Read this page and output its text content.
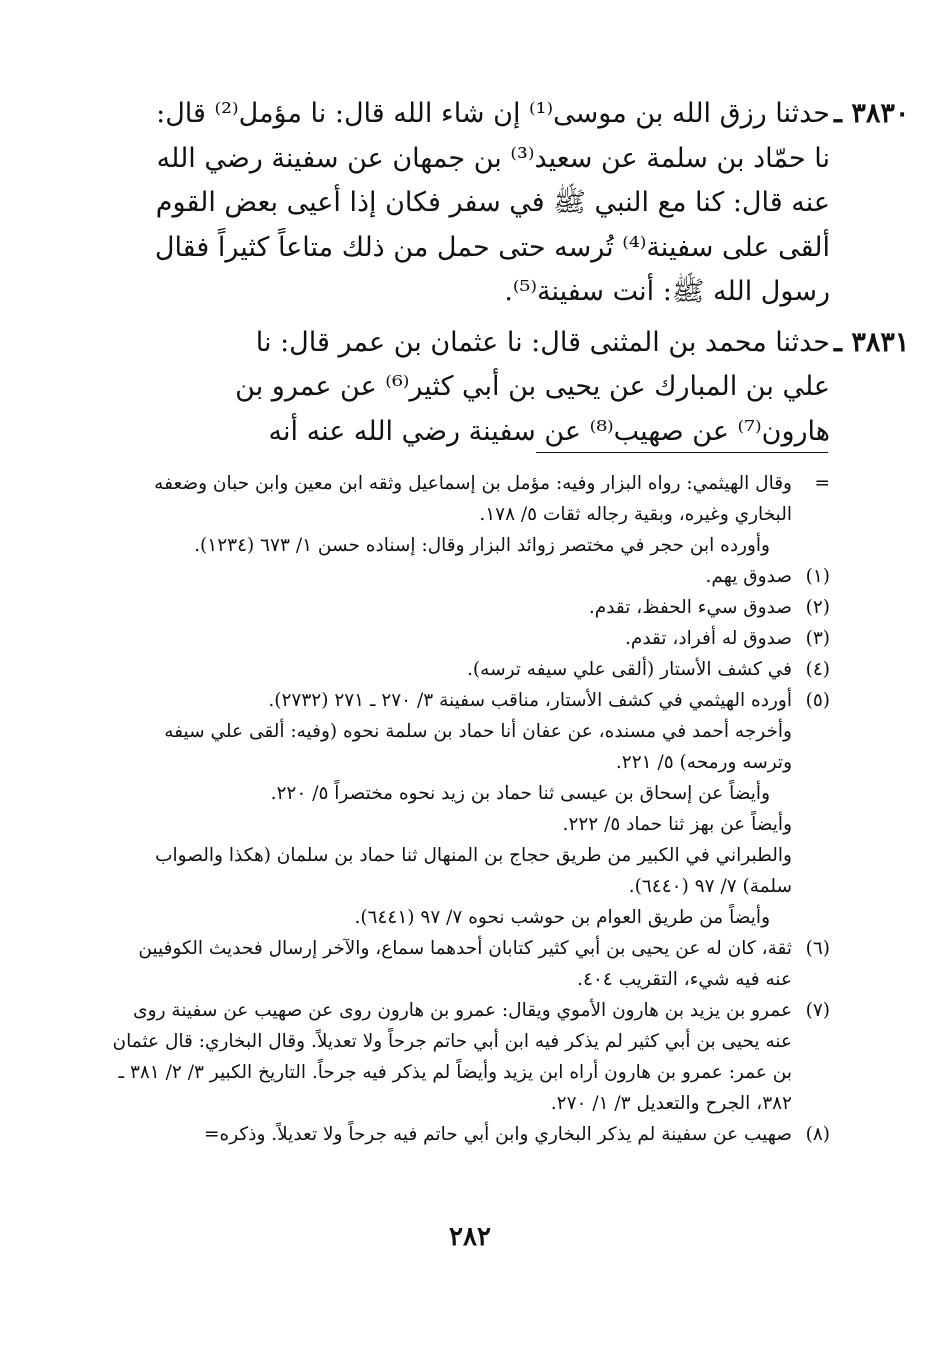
٣٨٣٠ ـ
حدثنا رزق الله بن موسى⁽¹⁾ إن شاء الله قال: نا مؤمل⁽²⁾ قال:
نا حمّاد بن سلمة عن سعيد⁽³⁾ بن جمهان عن سفينة رضي الله
عنه قال: كنا مع النبي ﷺ في سفر فكان إذا أعيى بعض القوم
ألقى على سفينة⁽⁴⁾ تُرسه حتى حمل من ذلك متاعاً كثيراً فقال
رسول الله ﷺ: أنت سفينة⁽⁵⁾.
٣٨٣١ ـ
حدثنا محمد بن المثنى قال: نا عثمان بن عمر قال: نا
علي بن المبارك عن يحيى بن أبي كثير⁽⁶⁾ عن عمرو بن
هارون⁽⁷⁾ عن صهيب⁽⁸⁾ عن سفينة رضي الله عنه أنه
=

وقال الهيثمي: رواه البزار وفيه: مؤمل بن إسماعيل وثقه ابن معين وابن حبان وضعفه البخاري وغيره، وبقية رجاله ثقات ٥/ ١٧٨.

وأورده ابن حجر في مختصر زوائد البزار وقال: إسناده حسن ١/ ٦٧٣ (١٢٣٤).

(١)

صدوق يهم.

(٢)

صدوق سيء الحفظ، تقدم.

(٣)

صدوق له أفراد، تقدم.

(٤)

في كشف الأستار (ألقى علي سيفه ترسه).

(٥)

أورده الهيثمي في كشف الأستار، مناقب سفينة ٣/ ٢٧٠ ـ ٢٧١ (٢٧٣٢).

وأخرجه أحمد في مسنده، عن عفان أنا حماد بن سلمة نحوه (وفيه: ألقى علي سيفه وترسه ورمحه) ٥/ ٢٢١.

وأيضاً عن إسحاق بن عيسى ثنا حماد بن زيد نحوه مختصراً ٥/ ٢٢٠.

وأيضاً عن بهز ثنا حماد ٥/ ٢٢٢.

والطبراني في الكبير من طريق حجاج بن المنهال ثنا حماد بن سلمان (هكذا والصواب سلمة) ٧/ ٩٧ (٦٤٤٠).

وأيضاً من طريق العوام بن حوشب نحوه ٧/ ٩٧ (٦٤٤١).

(٦)

ثقة، كان له عن يحيى بن أبي كثير كتابان أحدهما سماع، والآخر إرسال فحديث الكوفيين عنه فيه شيء، التقريب ٤٠٤.

(٧)

عمرو بن يزيد بن هارون الأموي ويقال: عمرو بن هارون روى عن صهيب عن سفينة روى عنه يحيى بن أبي كثير لم يذكر فيه ابن أبي حاتم جرحاً ولا تعديلاً. وقال البخاري: قال عثمان بن عمر: عمرو بن هارون أراه ابن يزيد وأيضاً لم يذكر فيه جرحاً. التاريخ الكبير ٣/ ٢/ ٣٨١ ـ ٣٨٢، الجرح والتعديل ٣/ ١/ ٢٧٠.

(٨)

صهيب عن سفينة لم يذكر البخاري وابن أبي حاتم فيه جرحاً ولا تعديلاً. وذكره=

٢٨٢
